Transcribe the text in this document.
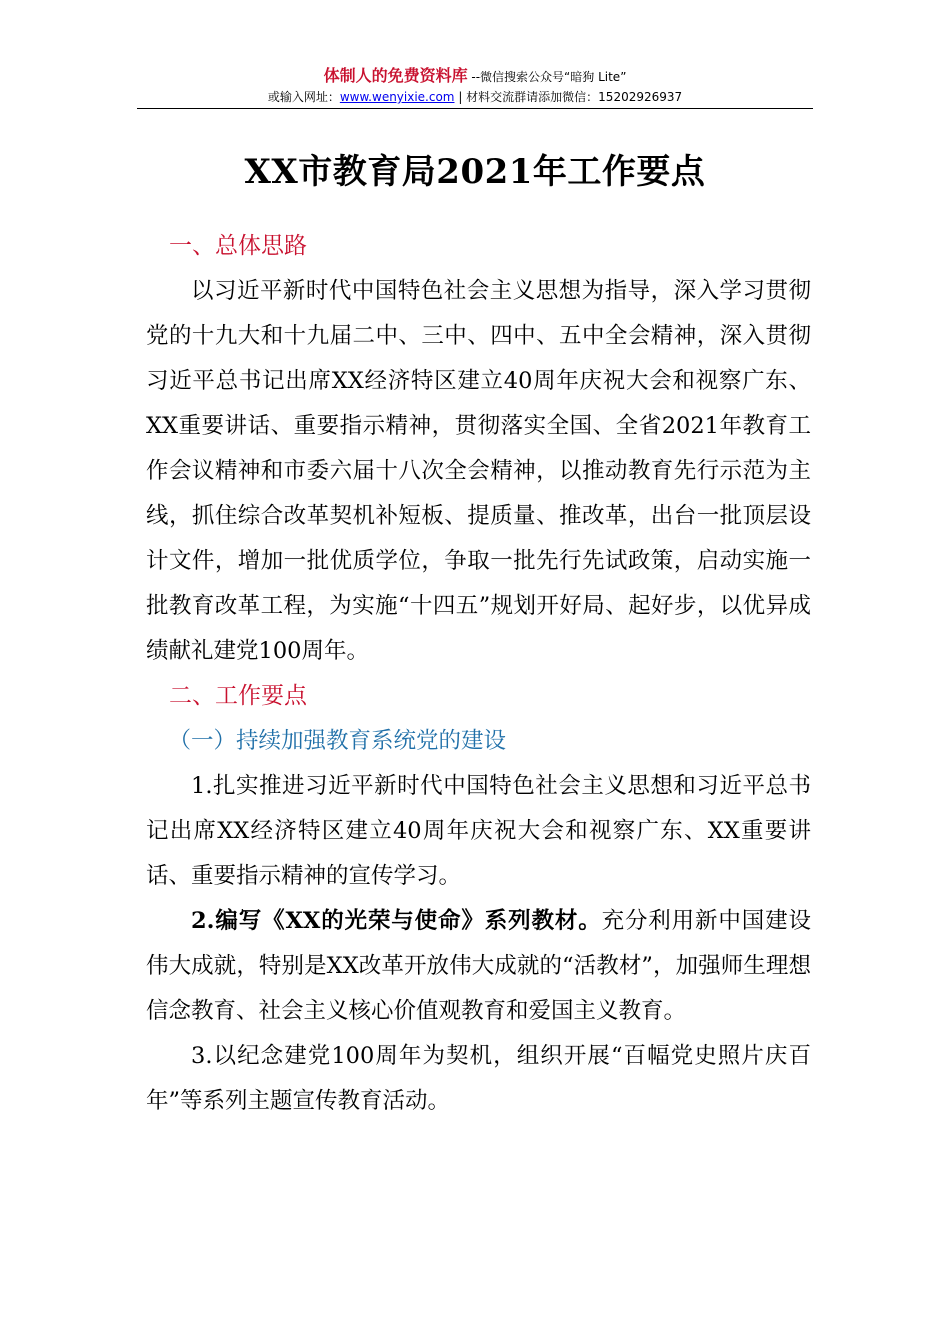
体制人的免费资料库 --微信搜索公众号“暗狗 Lite”
或输入网址：www.wenyixie.com | 材料交流群请添加微信：15202926937
XX市教育局2021年工作要点

一、总体思路

以习近平新时代中国特色社会主义思想为指导，深入学习贯彻党的十九大和十九届二中、三中、四中、五中全会精神，深入贯彻习近平总书记出席XX经济特区建立40周年庆祝大会和视察广东、XX重要讲话、重要指示精神，贯彻落实全国、全省2021年教育工作会议精神和市委六届十八次全会精神，以推动教育先行示范为主线，抓住综合改革契机补短板、提质量、推改革，出台一批顶层设计文件，增加一批优质学位，争取一批先行先试政策，启动实施一批教育改革工程，为实施“十四五”规划开好局、起好步，以优异成绩献礼建党100周年。

二、工作要点

（一）持续加强教育系统党的建设

1.扎实推进习近平新时代中国特色社会主义思想和习近平总书记出席XX经济特区建立40周年庆祝大会和视察广东、XX重要讲话、重要指示精神的宣传学习。

2.编写《XX的光荣与使命》系列教材。充分利用新中国建设伟大成就，特别是XX改革开放伟大成就的“活教材”，加强师生理想信念教育、社会主义核心价值观教育和爱国主义教育。

3.以纪念建党100周年为契机，组织开展“百幅党史照片庆百年”等系列主题宣传教育活动。
